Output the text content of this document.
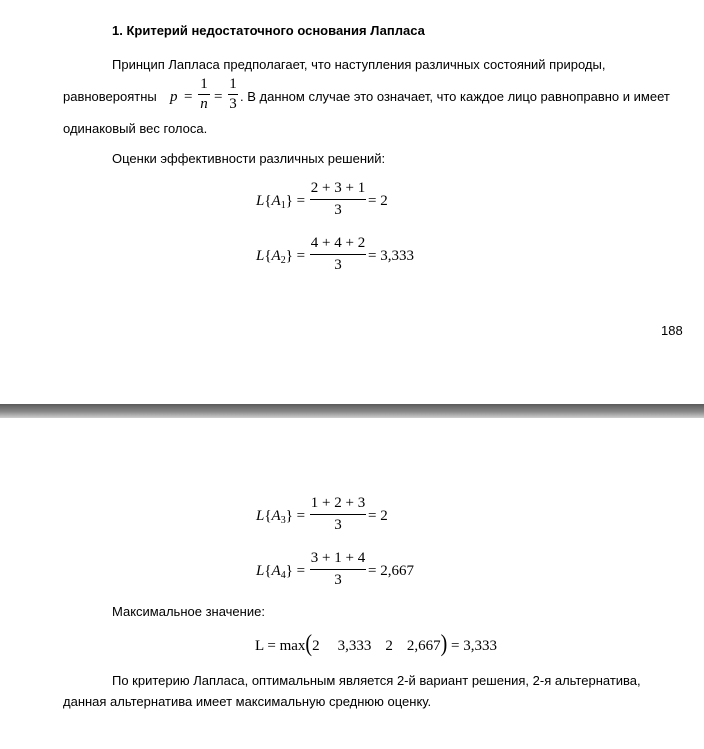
1. Критерий недостаточного основания Лапласа
Принцип Лапласа предполагает, что наступления различных состояний природы,
равновероятны p =
1
n =
1
3 . В данном случае это означает, что каждое лицо равноправно и имеет
одинаковый вес голоса.
Оценки эффективности различных решений:
$L\{A_1\}$ =
2 + 3 + 1
3
= 2
$L\{A_2\}$ =
4 + 4 + 2
3
= 3,333
188
$L\{A_3\}$ =
1 + 2 + 3
3
= 2
$L\{A_4\}$ =
3 + 1 + 4
3
= 2,667
Максимальное значение:
L = max(2 3,333 2 2,667) = 3,333
По критерию Лапласа, оптимальным является 2-й вариант решения, 2-я альтернатива,
данная альтернатива имеет максимальную среднюю оценку.
